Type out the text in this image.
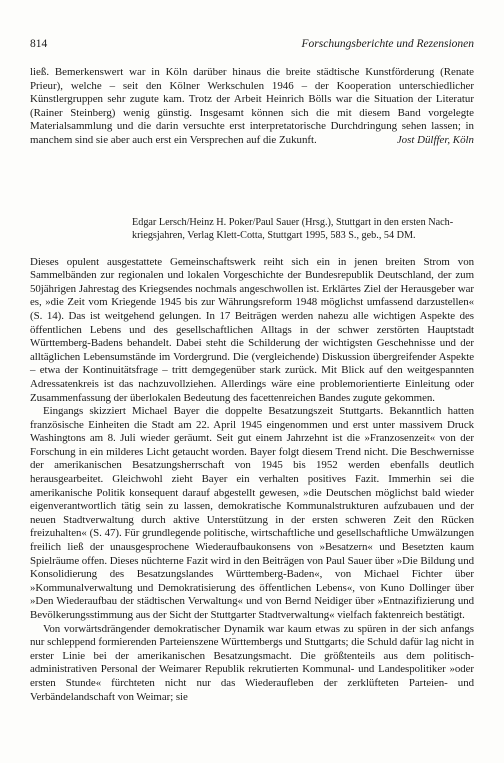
814	Forschungsberichte und Rezensionen

ließ. Bemerkenswert war in Köln darüber hinaus die breite städtische Kunstförderung (Renate Prieur), welche – seit den Kölner Werkschulen 1946 – der Kooperation unterschiedlicher Künstlergruppen sehr zugute kam. Trotz der Arbeit Heinrich Bölls war die Situation der Literatur (Rainer Steinberg) wenig günstig. Insgesamt können sich die mit diesem Band vorgelegte Materialsammlung und die darin versuchte erst interpretatorische Durchdringung sehen lassen; in manchem sind sie aber auch erst ein Versprechen auf die Zukunft.	Jost Dülffer, Köln

Edgar Lersch/Heinz H. Poker/Paul Sauer (Hrsg.), Stuttgart in den ersten Nach-
kriegsjahren, Verlag Klett-Cotta, Stuttgart 1995, 583 S., geb., 54 DM.

Dieses opulent ausgestattete Gemeinschaftswerk reiht sich ein in jenen breiten Strom von Sammelbänden zur regionalen und lokalen Vorgeschichte der Bundesrepublik Deutschland, der zum 50jährigen Jahrestag des Kriegsendes nochmals angeschwollen ist. Erklärtes Ziel der Herausgeber war es, »die Zeit vom Kriegende 1945 bis zur Währungsreform 1948 möglichst umfassend darzustellen« (S. 14). Das ist weitgehend gelungen. In 17 Beiträgen werden nahezu alle wichtigen Aspekte des öffentlichen Lebens und des gesellschaftlichen Alltags in der schwer zerstörten Hauptstadt Württemberg-Badens behandelt. Dabei steht die Schilderung der wichtigsten Geschehnisse und der alltäglichen Lebensumstände im Vordergrund. Die (vergleichende) Diskussion übergreifender Aspekte – etwa der Kontinuitätsfrage – tritt demgegenüber stark zurück. Mit Blick auf den weitgespannten Adressatenkreis ist das nachzuvollziehen. Allerdings wäre eine problemorientierte Einleitung oder Zusammenfassung der überlokalen Bedeutung des facettenreichen Bandes zugute gekommen.

Eingangs skizziert Michael Bayer die doppelte Besatzungszeit Stuttgarts. Bekanntlich hatten französische Einheiten die Stadt am 22. April 1945 eingenommen und erst unter massivem Druck Washingtons am 8. Juli wieder geräumt. Seit gut einem Jahrzehnt ist die »Franzosenzeit« von der Forschung in ein milderes Licht getaucht worden. Bayer folgt diesem Trend nicht. Die Beschwernisse der amerikanischen Besatzungsherrschaft von 1945 bis 1952 werden ebenfalls deutlich herausgearbeitet. Gleichwohl zieht Bayer ein verhalten positives Fazit. Immerhin sei die amerikanische Politik konsequent darauf abgestellt gewesen, »die Deutschen möglichst bald wieder eigenverantwortlich tätig sein zu lassen, demokratische Kommunalstrukturen aufzubauen und der neuen Stadtverwaltung durch aktive Unterstützung in der ersten schweren Zeit den Rücken freizuhalten« (S. 47). Für grundlegende politische, wirtschaftliche und gesellschaftliche Umwälzungen freilich ließ der unausgesprochene Wiederaufbaukonsens von »Besatzern« und Besetzten kaum Spielräume offen. Dieses nüchterne Fazit wird in den Beiträgen von Paul Sauer über »Die Bildung und Konsolidierung des Besatzungslandes Württemberg-Baden«, von Michael Fichter über »Kommunalverwaltung und Demokratisierung des öffentlichen Lebens«, von Kuno Dollinger über »Den Wiederaufbau der städtischen Verwaltung« und von Bernd Neidiger über »Entnazifizierung und Bevölkerungsstimmung aus der Sicht der Stuttgarter Stadtverwaltung« vielfach faktenreich bestätigt.

Von vorwärtsdrängender demokratischer Dynamik war kaum etwas zu spüren in der sich anfangs nur schleppend formierenden Parteienszene Württembergs und Stuttgarts; die Schuld dafür lag nicht in erster Linie bei der amerikanischen Besatzungsmacht. Die größtenteils aus dem politisch-administrativen Personal der Weimarer Republik rekrutierten Kommunal- und Landespolitiker »oder ersten Stunde« fürchteten nicht nur das Wiederaufleben der zerklüfteten Parteien- und Verbändelandschaft von Weimar; sie
